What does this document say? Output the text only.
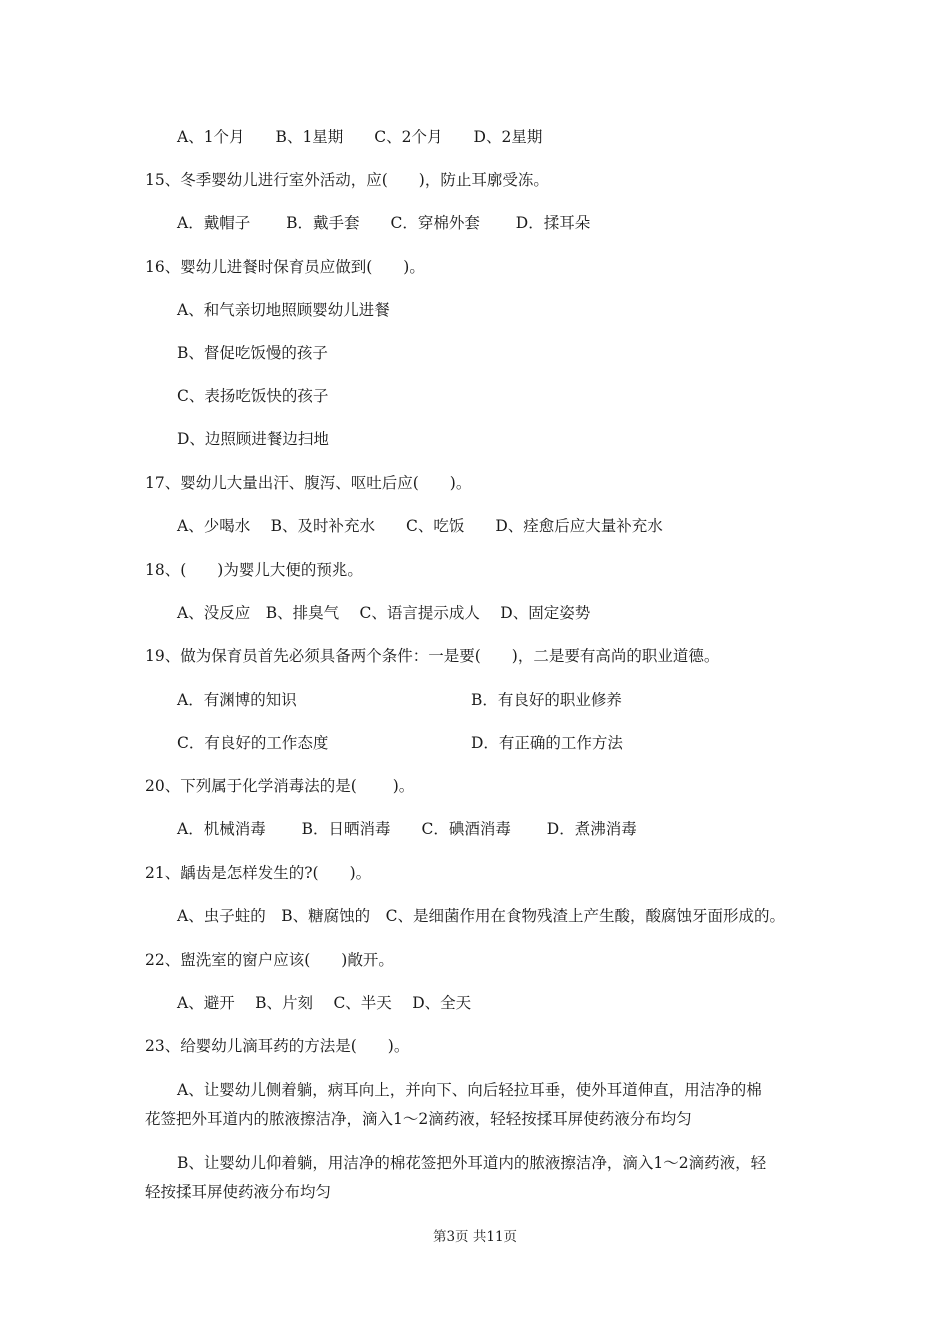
A、1个月　　B、1星期　　C、2个月　　D、2星期
15、冬季婴幼儿进行室外活动，应(　　)，防止耳廓受冻。
A．戴帽子　　 B．戴手套　　C．穿棉外套　　 D．揉耳朵
16、婴幼儿进餐时保育员应做到(　　)。
A、和气亲切地照顾婴幼儿进餐
B、督促吃饭慢的孩子
C、表扬吃饭快的孩子
D、边照顾进餐边扫地
17、婴幼儿大量出汗、腹泻、呕吐后应(　　)。
A、少喝水　 B、及时补充水　　C、吃饭　　D、痊愈后应大量补充水
18、(　　)为婴儿大便的预兆。
A、没反应　B、排臭气　 C、语言提示成人　 D、固定姿势
19、做为保育员首先必须具备两个条件：一是要(　　)，二是要有高尚的职业道德。
A．有渊博的知识	B．有良好的职业修养
C．有良好的工作态度	D．有正确的工作方法
20、下列属于化学消毒法的是(　　 )。
A．机械消毒　　 B．日晒消毒　　C．碘酒消毒　　 D．煮沸消毒
21、龋齿是怎样发生的?(　　)。
A、虫子蛀的　B、糖腐蚀的　C、是细菌作用在食物残渣上产生酸，酸腐蚀牙面形成的。
22、盥洗室的窗户应该(　　)敞开。
A、避开　 B、片刻　 C、半天　 D、全天
23、给婴幼儿滴耳药的方法是(　　)。
A、让婴幼儿侧着躺，病耳向上，并向下、向后轻拉耳垂，使外耳道伸直，用洁净的棉
花签把外耳道内的脓液擦洁净，滴入1～2滴药液，轻轻按揉耳屏使药液分布均匀
B、让婴幼儿仰着躺，用洁净的棉花签把外耳道内的脓液擦洁净，滴入1～2滴药液，轻
轻按揉耳屏使药液分布均匀
第3页 共11页
